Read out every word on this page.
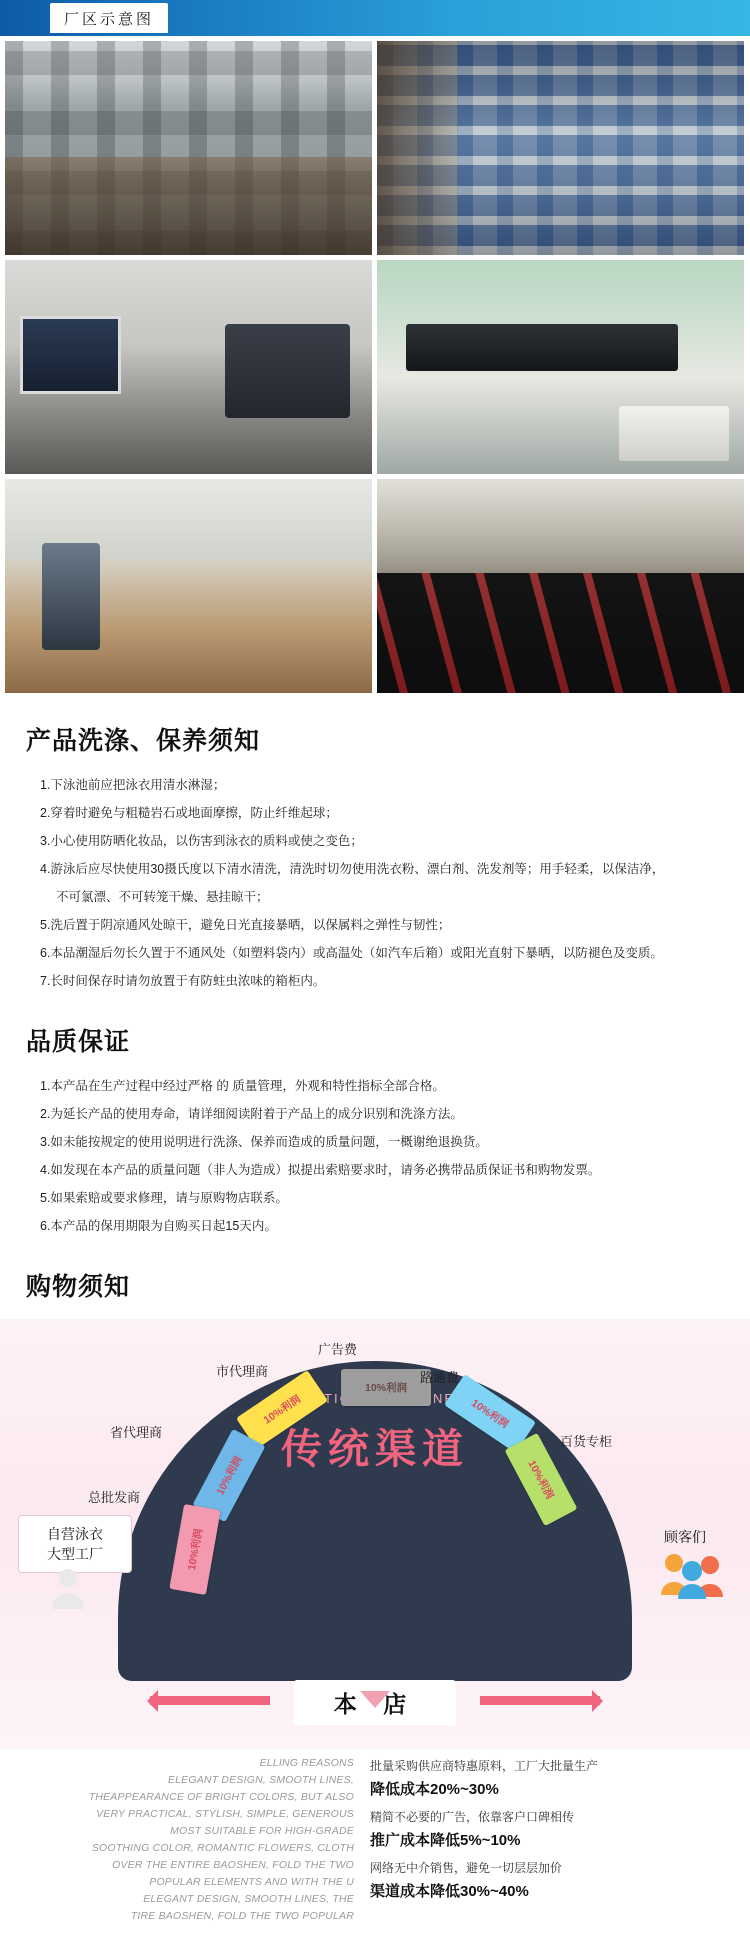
厂区示意图
产品洗涤、保养须知
1.下泳池前应把泳衣用清水淋湿；
2.穿着时避免与粗糙岩石或地面摩擦，防止纤维起球；
3.小心使用防晒化妆品，以伤害到泳衣的质料或使之变色；
4.游泳后应尽快使用30摄氏度以下清水清洗，清洗时切勿使用洗衣粉、漂白剂、洗发剂等；用手轻柔，以保洁净，
不可氯漂、不可转笼干燥、悬挂晾干；
5.洗后置于阴凉通风处晾干，避免日光直接暴晒，以保属料之弹性与韧性；
6.本品潮湿后勿长久置于不通风处（如塑料袋内）或高温处（如汽车后箱）或阳光直射下暴晒，以防褪色及变质。
7.长时间保存时请勿放置于有防蛀虫浓味的箱柜内。
品质保证
1.本产品在生产过程中经过严格 的 质量管理，外观和特性指标全部合格。
2.为延长产品的使用寿命，请详细阅读附着于产品上的成分识别和洗涤方法。
3.如未能按规定的使用说明进行洗涤、保养而造成的质量问题，一概谢绝退换货。
4.如发现在本产品的质量问题（非人为造成）拟提出索赔要求时，请务必携带品质保证书和购物发票。
5.如果索赔或要求修理，请与原购物店联系。
6.本产品的保用期限为自购买日起15天内。
购物须知
TRADITIONAL CHANNELS
传统渠道
本 店
10%利润
广告费
10%利润
市代理商
10%利润
路通费
10%利润
省代理商
10%利润
百货专柜
10%利润
总批发商
自营泳衣
大型工厂
顾客们
ELLING REASONS
ELEGANT DESIGN, SMOOTH LINES,
THEAPPEARANCE OF BRIGHT COLORS, BUT ALSO
VERY PRACTICAL, STYLISH, SIMPLE, GENEROUS
MOST SUITABLE FOR HIGH-GRADE
SOOTHING COLOR, ROMANTIC FLOWERS, CLOTH
OVER THE ENTIRE BAOSHEN, FOLD THE TWO
POPULAR ELEMENTS AND WITH THE U
ELEGANT DESIGN, SMOOTH LINES, THE
TIRE BAOSHEN, FOLD THE TWO POPULAR
批量采购供应商特惠原料，工厂大批量生产
降低成本20%~30%
精简不必要的广告，依靠客户口碑相传
推广成本降低5%~10%
网络无中介销售，避免一切层层加价
渠道成本降低30%~40%
